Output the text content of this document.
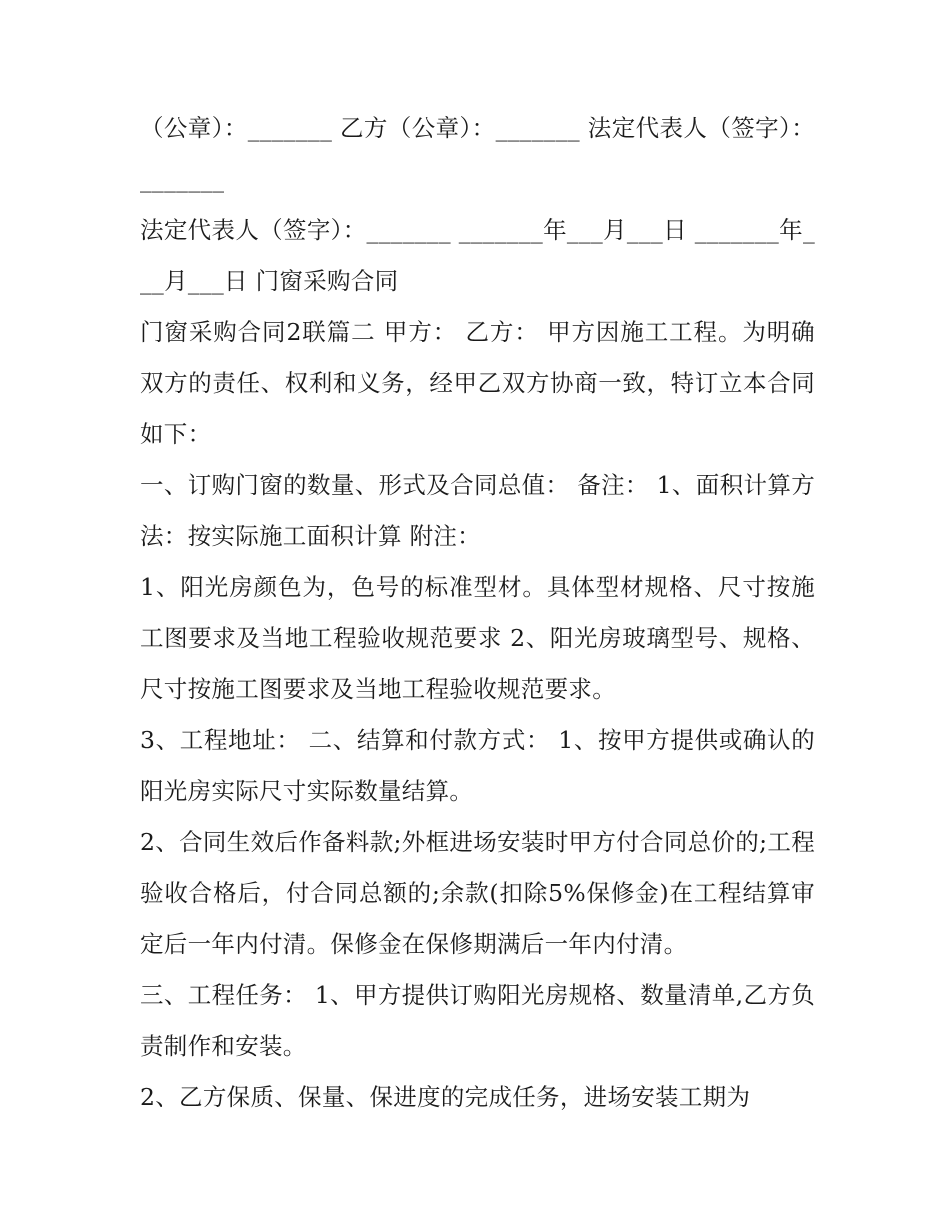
（公章）：_______ 乙方（公章）：_______ 法定代表人（签字）：_______

法定代表人（签字）：_______ _______年___月___日 _______年___月___日 门窗采购合同

门窗采购合同2联篇二 甲方： 乙方： 甲方因施工工程。为明确双方的责任、权利和义务，经甲乙双方协商一致，特订立本合同如下：

一、订购门窗的数量、形式及合同总值： 备注： 1、面积计算方法：按实际施工面积计算 附注：

1、阳光房颜色为，色号的标准型材。具体型材规格、尺寸按施工图要求及当地工程验收规范要求 2、阳光房玻璃型号、规格、尺寸按施工图要求及当地工程验收规范要求。

3、工程地址： 二、结算和付款方式： 1、按甲方提供或确认的阳光房实际尺寸实际数量结算。

2、合同生效后作备料款;外框进场安装时甲方付合同总价的;工程验收合格后，付合同总额的;余款(扣除5%保修金)在工程结算审定后一年内付清。保修金在保修期满后一年内付清。

三、工程任务： 1、甲方提供订购阳光房规格、数量清单,乙方负责制作和安装。

2、乙方保质、保量、保进度的完成任务，进场安装工期为
